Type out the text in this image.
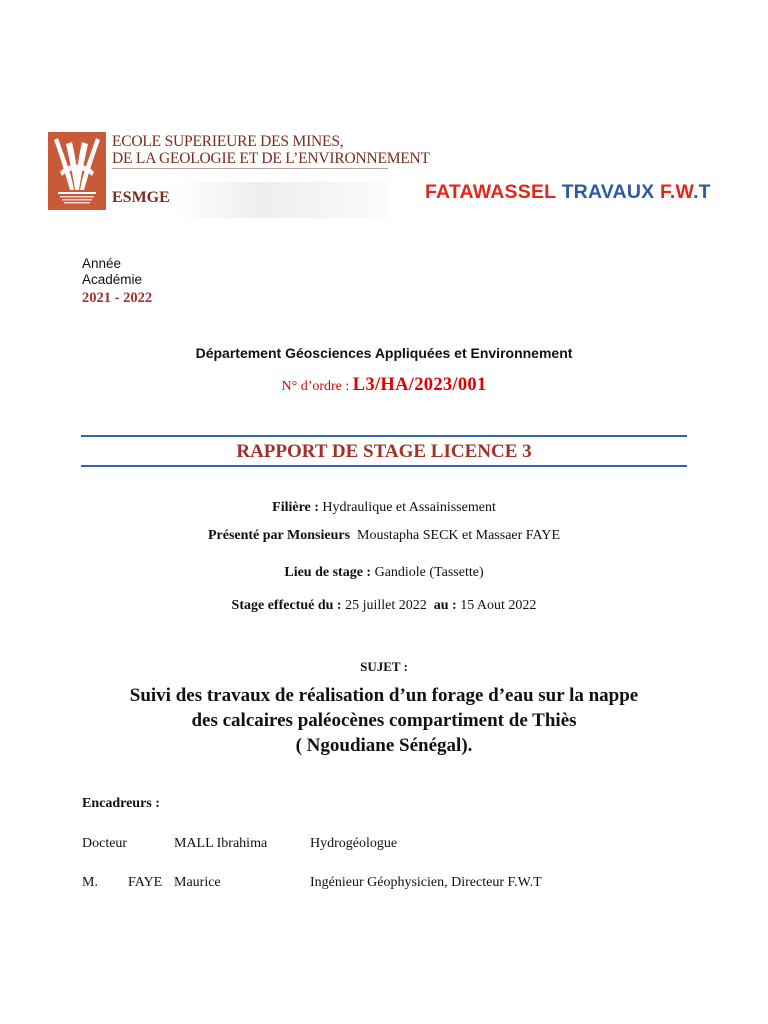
ECOLE SUPERIEURE DES MINES,
DE LA GEOLOGIE ET DE L’ENVIRONNEMENT
ESMGE	FATAWASSEL TRAVAUX F.W.T
Année
Académie
2021 - 2022
Département Géosciences Appliquées et Environnement
N° d’ordre : L3/HA/2023/001
RAPPORT DE STAGE LICENCE 3
Filière : Hydraulique et Assainissement
Présenté par Monsieurs  Moustapha SECK et Massaer FAYE
Lieu de stage : Gandiole (Tassette)
Stage effectué du : 25 juillet 2022 au : 15 Aout 2022
SUJET :
Suivi des travaux de réalisation d’un forage d’eau sur la nappe
des calcaires paléocènes compartiment de Thiès
( Ngoudiane Sénégal).
Encadreurs :
Docteur	MALL Ibrahima	Hydrogéologue
M. FAYE Maurice	Ingénieur Géophysicien, Directeur F.W.T
